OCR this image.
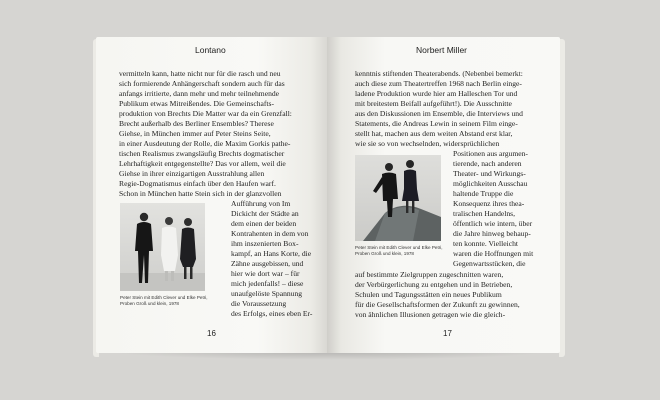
Lontano
vermitteln kann, hatte nicht nur für die rasch und neu
sich formierende Anhängerschaft sondern auch für das
anfangs irritierte, dann mehr und mehr teilnehmende
Publikum etwas Mitreißendes. Die Gemeinschafts-
produktion von Brechts Die Matter war da ein Grenzfall:
Brecht außerhalb des Berliner Ensembles? Therese
Giehse, in München immer auf Peter Steins Seite,
in einer Ausdeutung der Rolle, die Maxim Gorkis pathe-
tischen Realismus zwangsläufig Brechts dogmatischer
Lehrhaftigkeit entgegenstellte? Das vor allem, weil die
Giehse in ihrer einzigartigen Ausstrahlung allen
Regie-Dogmatismus einfach über den Haufen warf.
Schon in München hatte Stein sich in der glanzvollen
Peter Stein mit Edith Clever und Elke Petri,
Proben Groß und klein, 1978
Aufführung von Im
Dickicht der Städte an
dem einen der beiden
Kontrahenten in dem von
ihm inszenierten Box-
kampf, an Hans Korte, die
Zähne ausgebissen, und
hier wie dort war – für
mich jedenfalls! – diese
unaufgelöste Spannung
die Voraussetzung
des Erfolgs, eines eben Er-
16
Norbert Miller
kenntnis stiftenden Theaterabends. (Nebenbei bemerkt:
auch diese zum Theatertreffen 1968 nach Berlin einge-
ladene Produktion wurde hier am Halleschen Tor und
mit breitestem Beifall aufgeführt!). Die Ausschnitte
aus den Diskussionen im Ensemble, die Interviews und
Statements, die Andreas Lewin in seinem Film einge-
stellt hat, machen aus dem weiten Abstand erst klar,
wie sie so von wechselnden, widersprüchlichen
Peter Stein mit Edith Clever und Elke Petri,
Proben Groß und klein, 1978
Positionen aus argumen-
tierende, nach anderen
Theater- und Wirkungs-
möglichkeiten Ausschau
haltende Truppe die
Konsequenz ihres thea-
tralischen Handelns,
öffentlich wie intern, über
die Jahre hinweg behaup-
ten konnte. Vielleicht
waren die Hoffnungen mit
Gegenwartsstücken, die
auf bestimmte Zielgruppen zugeschnitten waren,
der Verbürgerlichung zu entgehen und in Betrieben,
Schulen und Tagungsstätten ein neues Publikum
für die Gesellschaftsformen der Zukunft zu gewinnen,
von ähnlichen Illusionen getragen wie die gleich-
17
